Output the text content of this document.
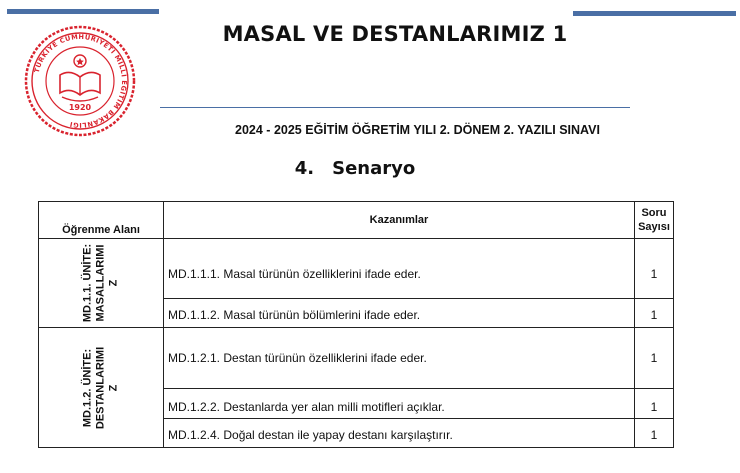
TÜRKİYE CUMHURİYETİ MİLLİ EĞİTİM BAKANLIĞI
1920
MASAL VE DESTANLARIMIZ 1
2024 - 2025 EĞİTİM ÖĞRETİM YILI 2. DÖNEM 2. YAZILI SINAVI
4. Senaryo
Öğrenme Alanı	Kazanımlar	Soru
Sayısı

MD.1.1. ÜNİTE:
MASALLARIMI
Z	MD.1.1.1. Masal türünün özelliklerini ifade eder.	1

	MD.1.1.2. Masal türünün bölümlerini ifade eder.	1

MD.1.2. ÜNİTE:
DESTANLARIMI
Z	MD.1.2.1. Destan türünün özelliklerini ifade eder.	1

	MD.1.2.2. Destanlarda yer alan milli motifleri açıklar.	1

	MD.1.2.4. Doğal destan ile yapay destanı karşılaştırır.	1
